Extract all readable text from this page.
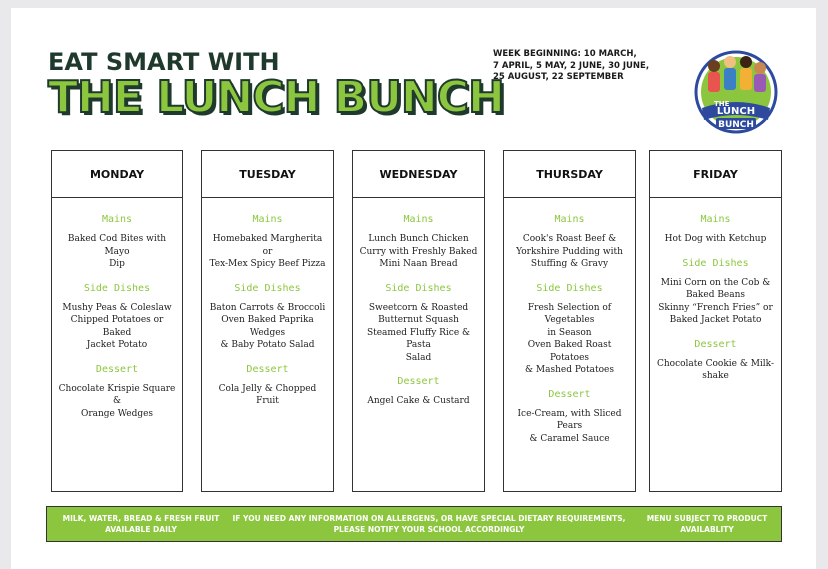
EAT SMART WITH
THE LUNCH BUNCH
WEEK BEGINNING: 10 MARCH,
7 APRIL, 5 MAY, 2 JUNE, 30 JUNE,
25 AUGUST, 22 SEPTEMBER
THE
LUNCH
BUNCH
MONDAY
Mains
Baked Cod Bites with Mayo
Dip
Side Dishes
Mushy Peas & Coleslaw
Chipped Potatoes or Baked
Jacket Potato
Dessert
Chocolate Krispie Square &
Orange Wedges
TUESDAY
Mains
Homebaked Margherita or
Tex-Mex Spicy Beef Pizza
Side Dishes
Baton Carrots & Broccoli
Oven Baked Paprika Wedges
& Baby Potato Salad
Dessert
Cola Jelly & Chopped Fruit
WEDNESDAY
Mains
Lunch Bunch Chicken
Curry with Freshly Baked
Mini Naan Bread
Side Dishes
Sweetcorn & Roasted
Butternut Squash
Steamed Fluffy Rice & Pasta
Salad
Dessert
Angel Cake & Custard
THURSDAY
Mains
Cook's Roast Beef &
Yorkshire Pudding with
Stuffing & Gravy
Side Dishes
Fresh Selection of Vegetables
in Season
Oven Baked Roast Potatoes
& Mashed Potatoes
Dessert
Ice-Cream, with Sliced Pears
& Caramel Sauce
FRIDAY
Mains
Hot Dog with Ketchup
Side Dishes
Mini Corn on the Cob &
Baked Beans
Skinny “French Fries” or
Baked Jacket Potato
Dessert
Chocolate Cookie & Milk-
shake
MILK, WATER, BREAD & FRESH FRUIT
AVAILABLE DAILY
IF YOU NEED ANY INFORMATION ON ALLERGENS, OR HAVE SPECIAL DIETARY REQUIREMENTS,
PLEASE NOTIFY YOUR SCHOOL ACCORDINGLY
MENU SUBJECT TO PRODUCT
AVAILABLITY
